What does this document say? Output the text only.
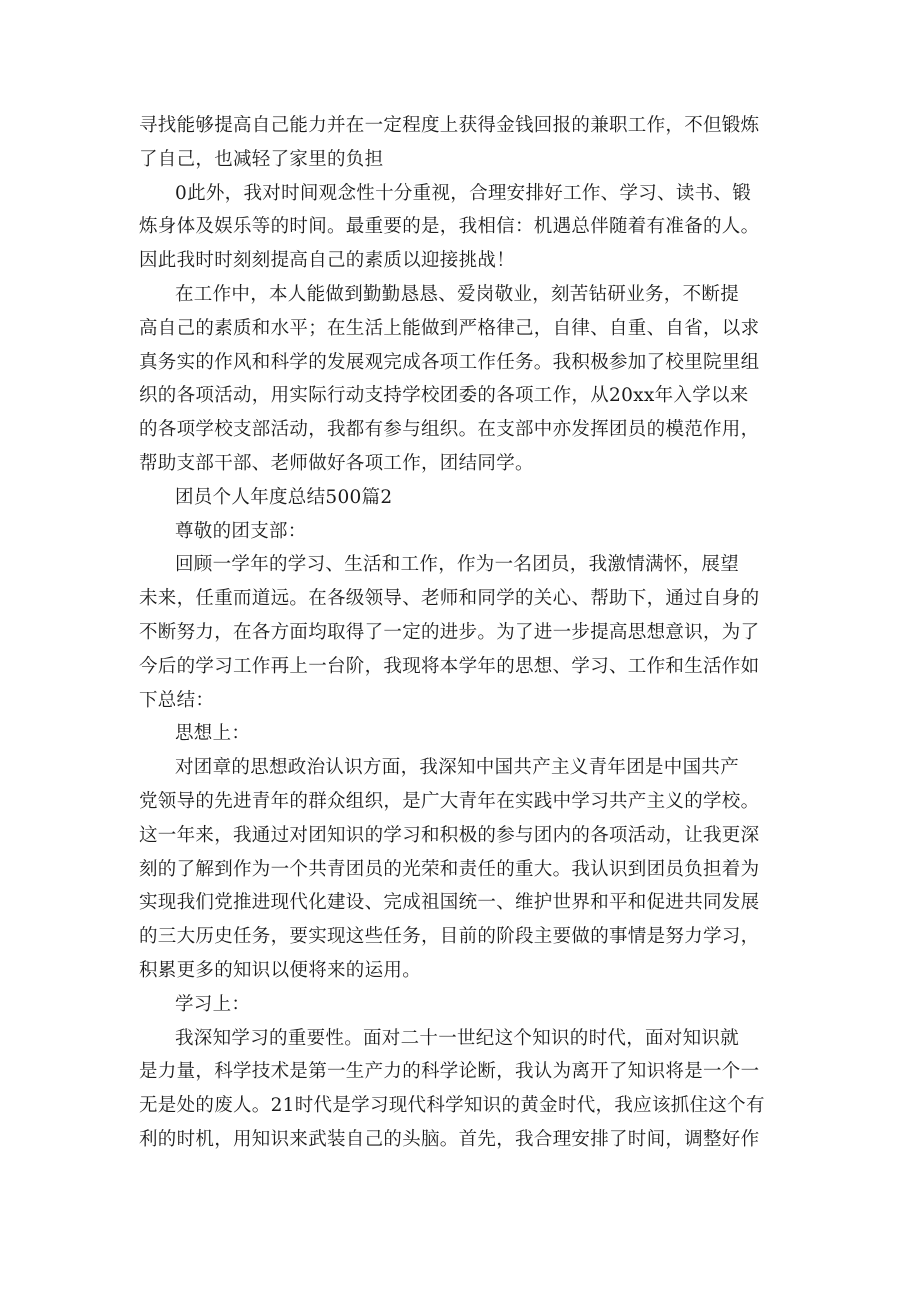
寻找能够提高自己能力并在一定程度上获得金钱回报的兼职工作，不但锻炼
了自己，也减轻了家里的负担

0此外，我对时间观念性十分重视，合理安排好工作、学习、读书、锻
炼身体及娱乐等的时间。最重要的是，我相信：机遇总伴随着有准备的人。
因此我时时刻刻提高自己的素质以迎接挑战！

在工作中，本人能做到勤勤恳恳、爱岗敬业，刻苦钻研业务，不断提
高自己的素质和水平；在生活上能做到严格律己，自律、自重、自省，以求
真务实的作风和科学的发展观完成各项工作任务。我积极参加了校里院里组
织的各项活动，用实际行动支持学校团委的各项工作，从20xx年入学以来
的各项学校支部活动，我都有参与组织。在支部中亦发挥团员的模范作用，
帮助支部干部、老师做好各项工作，团结同学。

团员个人年度总结500篇2

尊敬的团支部：

回顾一学年的学习、生活和工作，作为一名团员，我激情满怀，展望
未来，任重而道远。在各级领导、老师和同学的关心、帮助下，通过自身的
不断努力，在各方面均取得了一定的进步。为了进一步提高思想意识，为了
今后的学习工作再上一台阶，我现将本学年的思想、学习、工作和生活作如
下总结：

思想上：

对团章的思想政治认识方面，我深知中国共产主义青年团是中国共产
党领导的先进青年的群众组织，是广大青年在实践中学习共产主义的学校。
这一年来，我通过对团知识的学习和积极的参与团内的各项活动，让我更深
刻的了解到作为一个共青团员的光荣和责任的重大。我认识到团员负担着为
实现我们党推进现代化建设、完成祖国统一、维护世界和平和促进共同发展
的三大历史任务，要实现这些任务，目前的阶段主要做的事情是努力学习，
积累更多的知识以便将来的运用。

学习上：

我深知学习的重要性。面对二十一世纪这个知识的时代，面对知识就
是力量，科学技术是第一生产力的科学论断，我认为离开了知识将是一个一
无是处的废人。21时代是学习现代科学知识的黄金时代，我应该抓住这个有
利的时机，用知识来武装自己的头脑。首先，我合理安排了时间，调整好作
